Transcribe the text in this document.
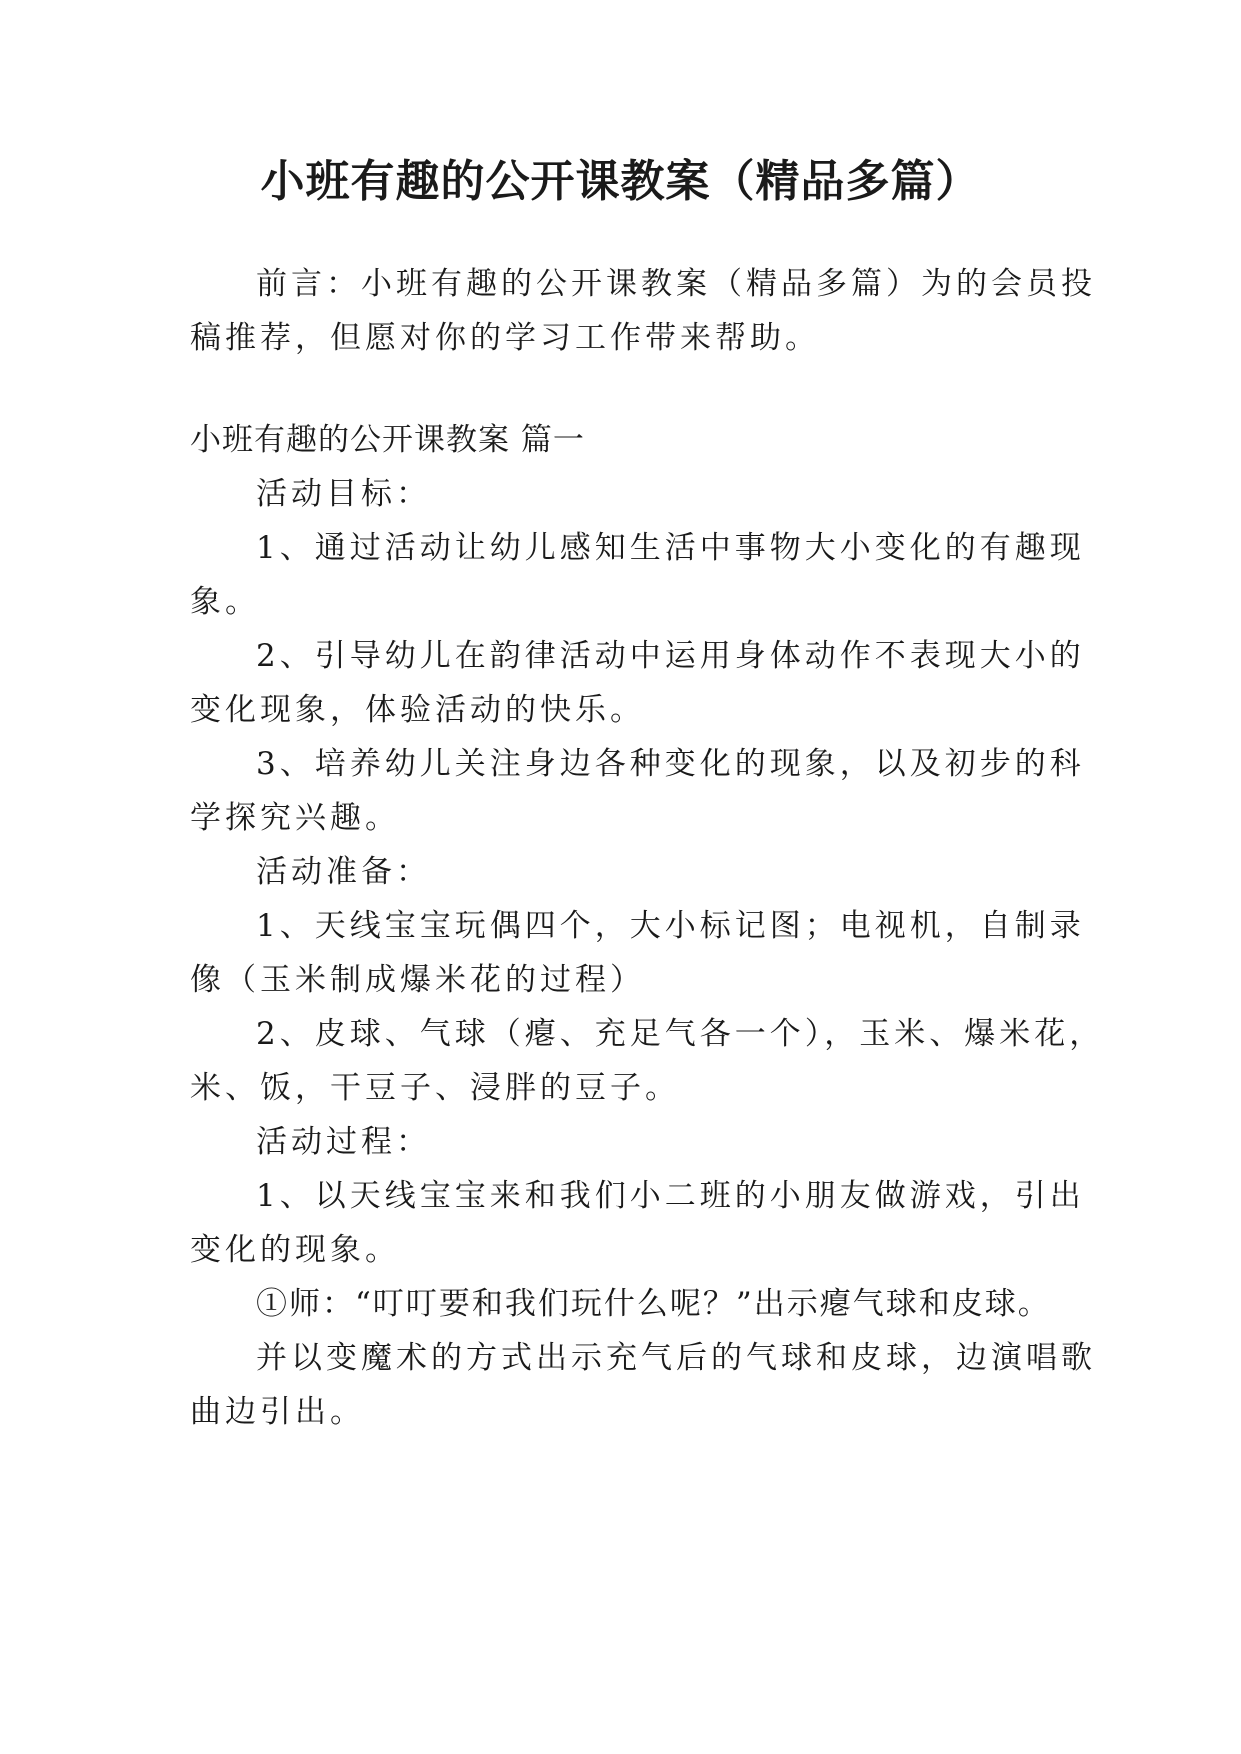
小班有趣的公开课教案（精品多篇）
前言：小班有趣的公开课教案（精品多篇）为的会员投
稿推荐，但愿对你的学习工作带来帮助。
小班有趣的公开课教案 篇一
活动目标：
1、通过活动让幼儿感知生活中事物大小变化的有趣现
象。
2、引导幼儿在韵律活动中运用身体动作不表现大小的
变化现象，体验活动的快乐。
3、培养幼儿关注身边各种变化的现象，以及初步的科
学探究兴趣。
活动准备：
1、天线宝宝玩偶四个，大小标记图；电视机，自制录
像（玉米制成爆米花的过程）
2、皮球、气球（瘪、充足气各一个），玉米、爆米花，
米、饭，干豆子、浸胖的豆子。
活动过程：
1、以天线宝宝来和我们小二班的小朋友做游戏，引出
变化的现象。
①师：“叮叮要和我们玩什么呢？”出示瘪气球和皮球。
并以变魔术的方式出示充气后的气球和皮球，边演唱歌
曲边引出。
